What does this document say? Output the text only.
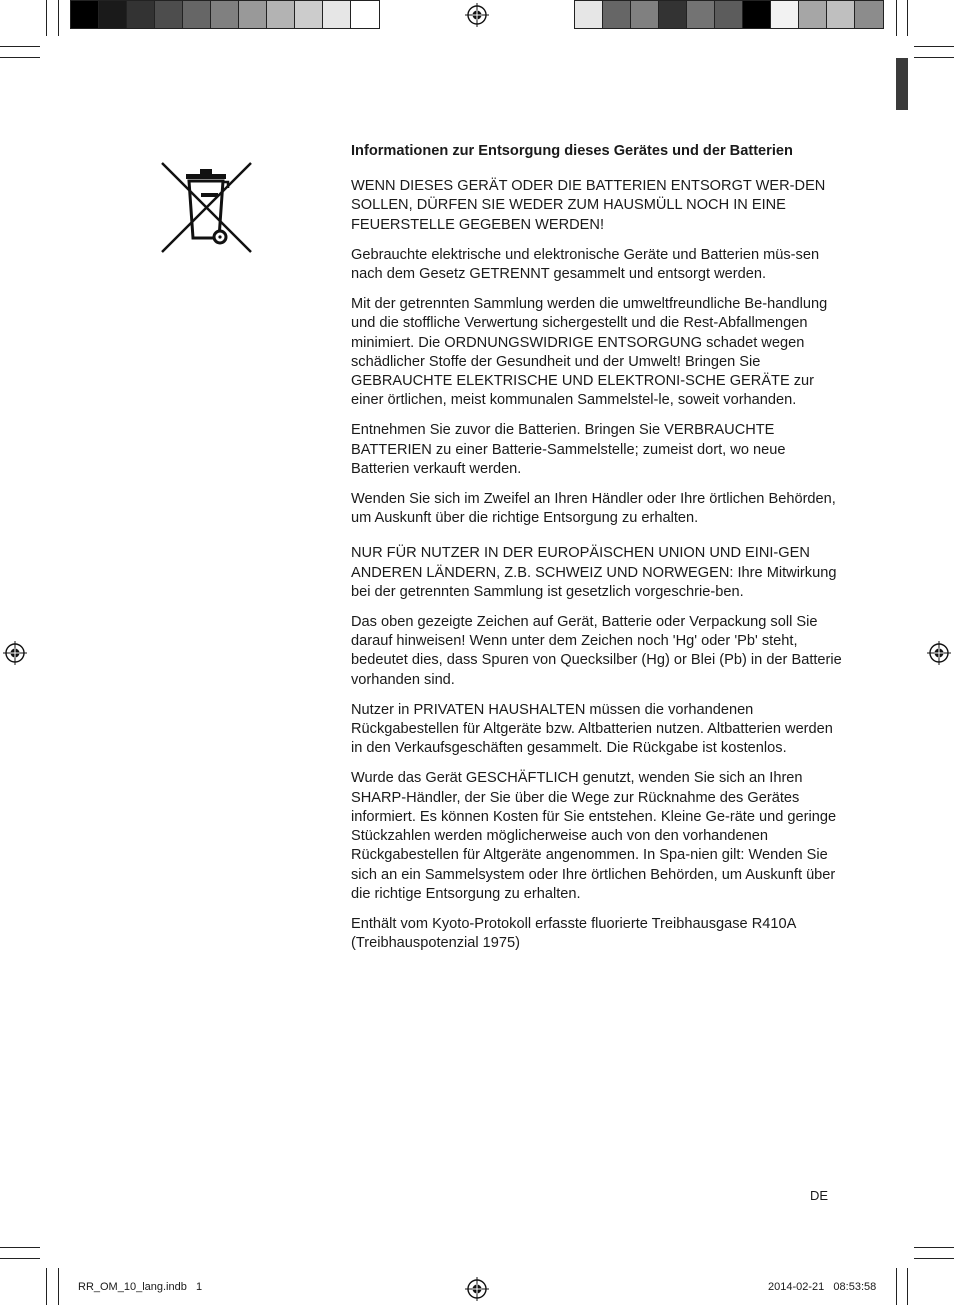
Informationen zur Entsorgung dieses Gerätes und der Batterien

WENN DIESES GERÄT ODER DIE BATTERIEN ENTSORGT WER-DEN SOLLEN, DÜRFEN SIE WEDER ZUM HAUSMÜLL NOCH IN EINE FEUERSTELLE GEGEBEN WERDEN!

Gebrauchte elektrische und elektronische Geräte und Batterien müs-sen nach dem Gesetz GETRENNT gesammelt und entsorgt werden.

Mit der getrennten Sammlung werden die umweltfreundliche Be-handlung und die stoffliche Verwertung sichergestellt und die Rest-Abfallmengen minimiert. Die ORDNUNGSWIDRIGE ENTSORGUNG schadet wegen schädlicher Stoffe der Gesundheit und der Umwelt! Bringen Sie GEBRAUCHTE ELEKTRISCHE UND ELEKTRONI-SCHE GERÄTE zur einer örtlichen, meist kommunalen Sammelstel-le, soweit vorhanden.

Entnehmen Sie zuvor die Batterien. Bringen Sie VERBRAUCHTE BATTERIEN zu einer Batterie-Sammelstelle; zumeist dort, wo neue Batterien verkauft werden.

Wenden Sie sich im Zweifel an Ihren Händler oder Ihre örtlichen Behörden, um Auskunft über die richtige Entsorgung zu erhalten.

NUR FÜR NUTZER IN DER EUROPÄISCHEN UNION UND EINI-GEN ANDEREN LÄNDERN, Z.B. SCHWEIZ UND NORWEGEN: Ihre Mitwirkung bei der getrennten Sammlung ist gesetzlich vorgeschrie-ben.

Das oben gezeigte Zeichen auf Gerät, Batterie oder Verpackung soll Sie darauf hinweisen! Wenn unter dem Zeichen noch 'Hg' oder 'Pb' steht, bedeutet dies, dass Spuren von Quecksilber (Hg) or Blei (Pb) in der Batterie vorhanden sind.

Nutzer in PRIVATEN HAUSHALTEN müssen die vorhandenen Rückgabestellen für Altgeräte bzw. Altbatterien nutzen. Altbatterien werden in den Verkaufsgeschäften gesammelt. Die Rückgabe ist kostenlos.

Wurde das Gerät GESCHÄFTLICH genutzt, wenden Sie sich an Ihren SHARP-Händler, der Sie über die Wege zur Rücknahme des Gerätes informiert. Es können Kosten für Sie entstehen. Kleine Ge-räte und geringe Stückzahlen werden möglicherweise auch von den vorhandenen Rückgabestellen für Altgeräte angenommen. In Spa-nien gilt: Wenden Sie sich an ein Sammelsystem oder Ihre örtlichen Behörden, um Auskunft über die richtige Entsorgung zu erhalten.

Enthält vom Kyoto-Protokoll erfasste fluorierte Treibhausgase R410A (Treibhauspotenzial 1975)

DE
RR_OM_10_lang.indb   1	2014-02-21   08:53:58
